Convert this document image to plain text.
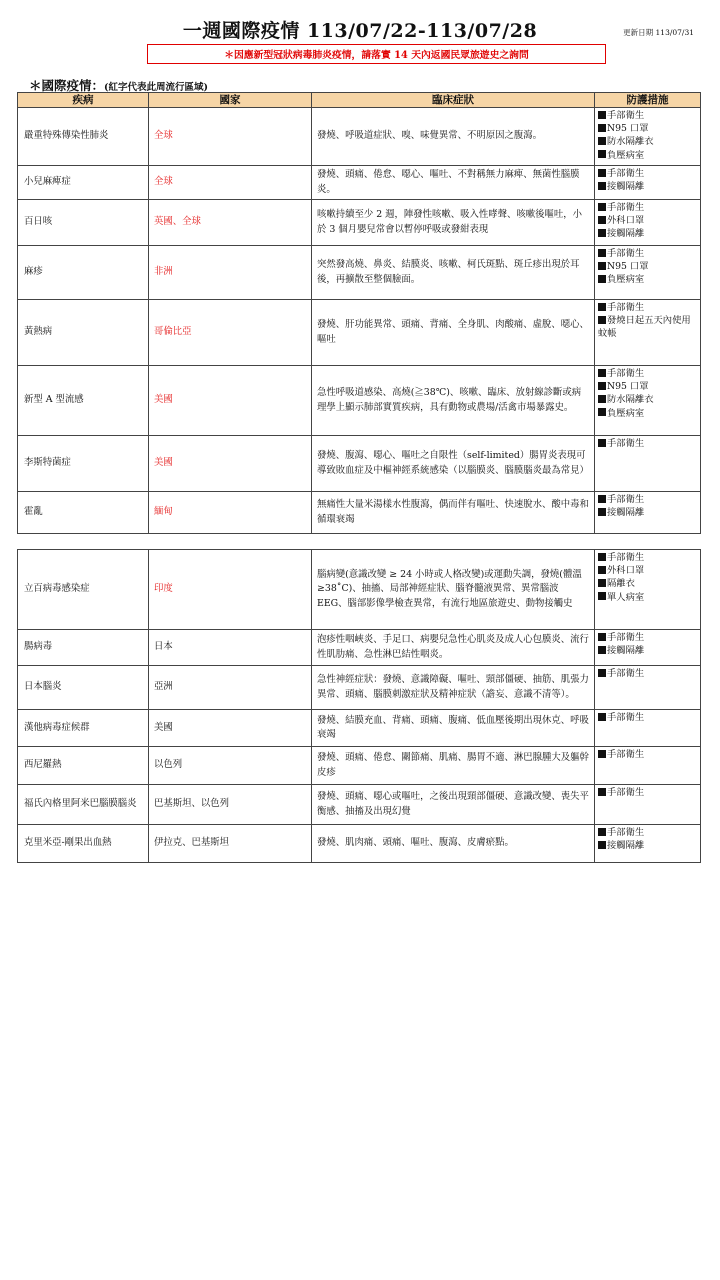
一週國際疫情 113/07/22-113/07/28	更新日期 113/07/31
＊因應新型冠狀病毒肺炎疫情，請落實 14 天內返國民眾旅遊史之詢問
＊國際疫情：(紅字代表此周流行區域)
疾病	國家	臨床症狀	防護措施
嚴重特殊傳染性肺炎	全球	發燒、呼吸道症狀、嗅、味覺異常、不明原因之腹瀉。	手部衛生
N95 口罩
防水隔離衣
負壓病室

小兒麻痺症	全球	發燒、頭痛、倦怠、噁心、嘔吐、不對稱無力麻痺、無菌性腦膜炎。	手部衛生
接觸隔離

百日咳	英國、全球	咳嗽持續至少 2 週，陣發性咳嗽、吸入性哮聲、咳嗽後嘔吐，小於 3 個月嬰兒常會以暫停呼吸或發紺表現	手部衛生
外科口罩
接觸隔離

麻疹	非洲	突然發高燒、鼻炎、結膜炎、咳嗽、柯氏斑點、斑丘疹出現於耳後，再擴散至整個臉面。	手部衛生
N95 口罩
負壓病室

黃熱病	哥倫比亞	發燒、肝功能異常、頭痛、背痛、全身肌、肉酸痛、虛脫、噁心、嘔吐	手部衛生
發燒日起五天內使用蚊帳

新型 A 型流感	美國	急性呼吸道感染、高燒(≧38℃)、咳嗽、臨床、放射線診斷或病理學上顯示肺部實質疾病，具有動物或農場/活禽市場暴露史。	手部衛生
N95 口罩
防水隔離衣
負壓病室

李斯特菌症	美國	發燒、腹瀉、噁心、嘔吐之自限性（self-limited）腸胃炎表現可導致敗血症及中樞神經系統感染（以腦膜炎、腦膜腦炎最為常見）	手部衛生

霍亂	緬甸	無痛性大量米湯樣水性腹瀉，偶而伴有嘔吐、快速脫水、酸中毒和循環衰竭	手部衛生
接觸隔離
立百病毒感染症	印度	腦病變(意識改變 ≥ 24 小時或人格改變)或運動失調，發燒(體溫≥38˚C)、抽搐、局部神經症狀、腦脊髓液異常、異常腦波 EEG、腦部影像學檢查異常，有流行地區旅遊史、動物接觸史	手部衛生
外科口罩
隔離衣
單人病室

腸病毒	日本	泡疹性咽峽炎、手足口、病嬰兒急性心肌炎及成人心包膜炎、流行性肌肋痛、急性淋巴結性咽炎。	手部衛生
接觸隔離

日本腦炎	亞洲	急性神經症狀：發燒、意識障礙、嘔吐、頸部僵硬、抽筋、肌張力異常、頭痛、腦膜刺激症狀及精神症狀（譫妄、意識不清等）。	手部衛生

漢他病毒症候群	美國	發燒、結膜充血、背痛、頭痛、腹痛、低血壓後期出現休克、呼吸衰竭	手部衛生

西尼羅熱	以色列	發燒、頭痛、倦怠、關節痛、肌痛、腸胃不適、淋巴腺腫大及軀幹皮疹	手部衛生

福氏內格里阿米巴腦膜腦炎	巴基斯坦、以色列	發燒、頭痛、噁心或嘔吐，之後出現頸部僵硬、意識改變、喪失平衡感、抽搐及出現幻覺	手部衛生

克里米亞-剛果出血熱	伊拉克、巴基斯坦	發燒、肌肉痛、頭痛、嘔吐、腹瀉、皮膚瘀點。	手部衛生
接觸隔離
